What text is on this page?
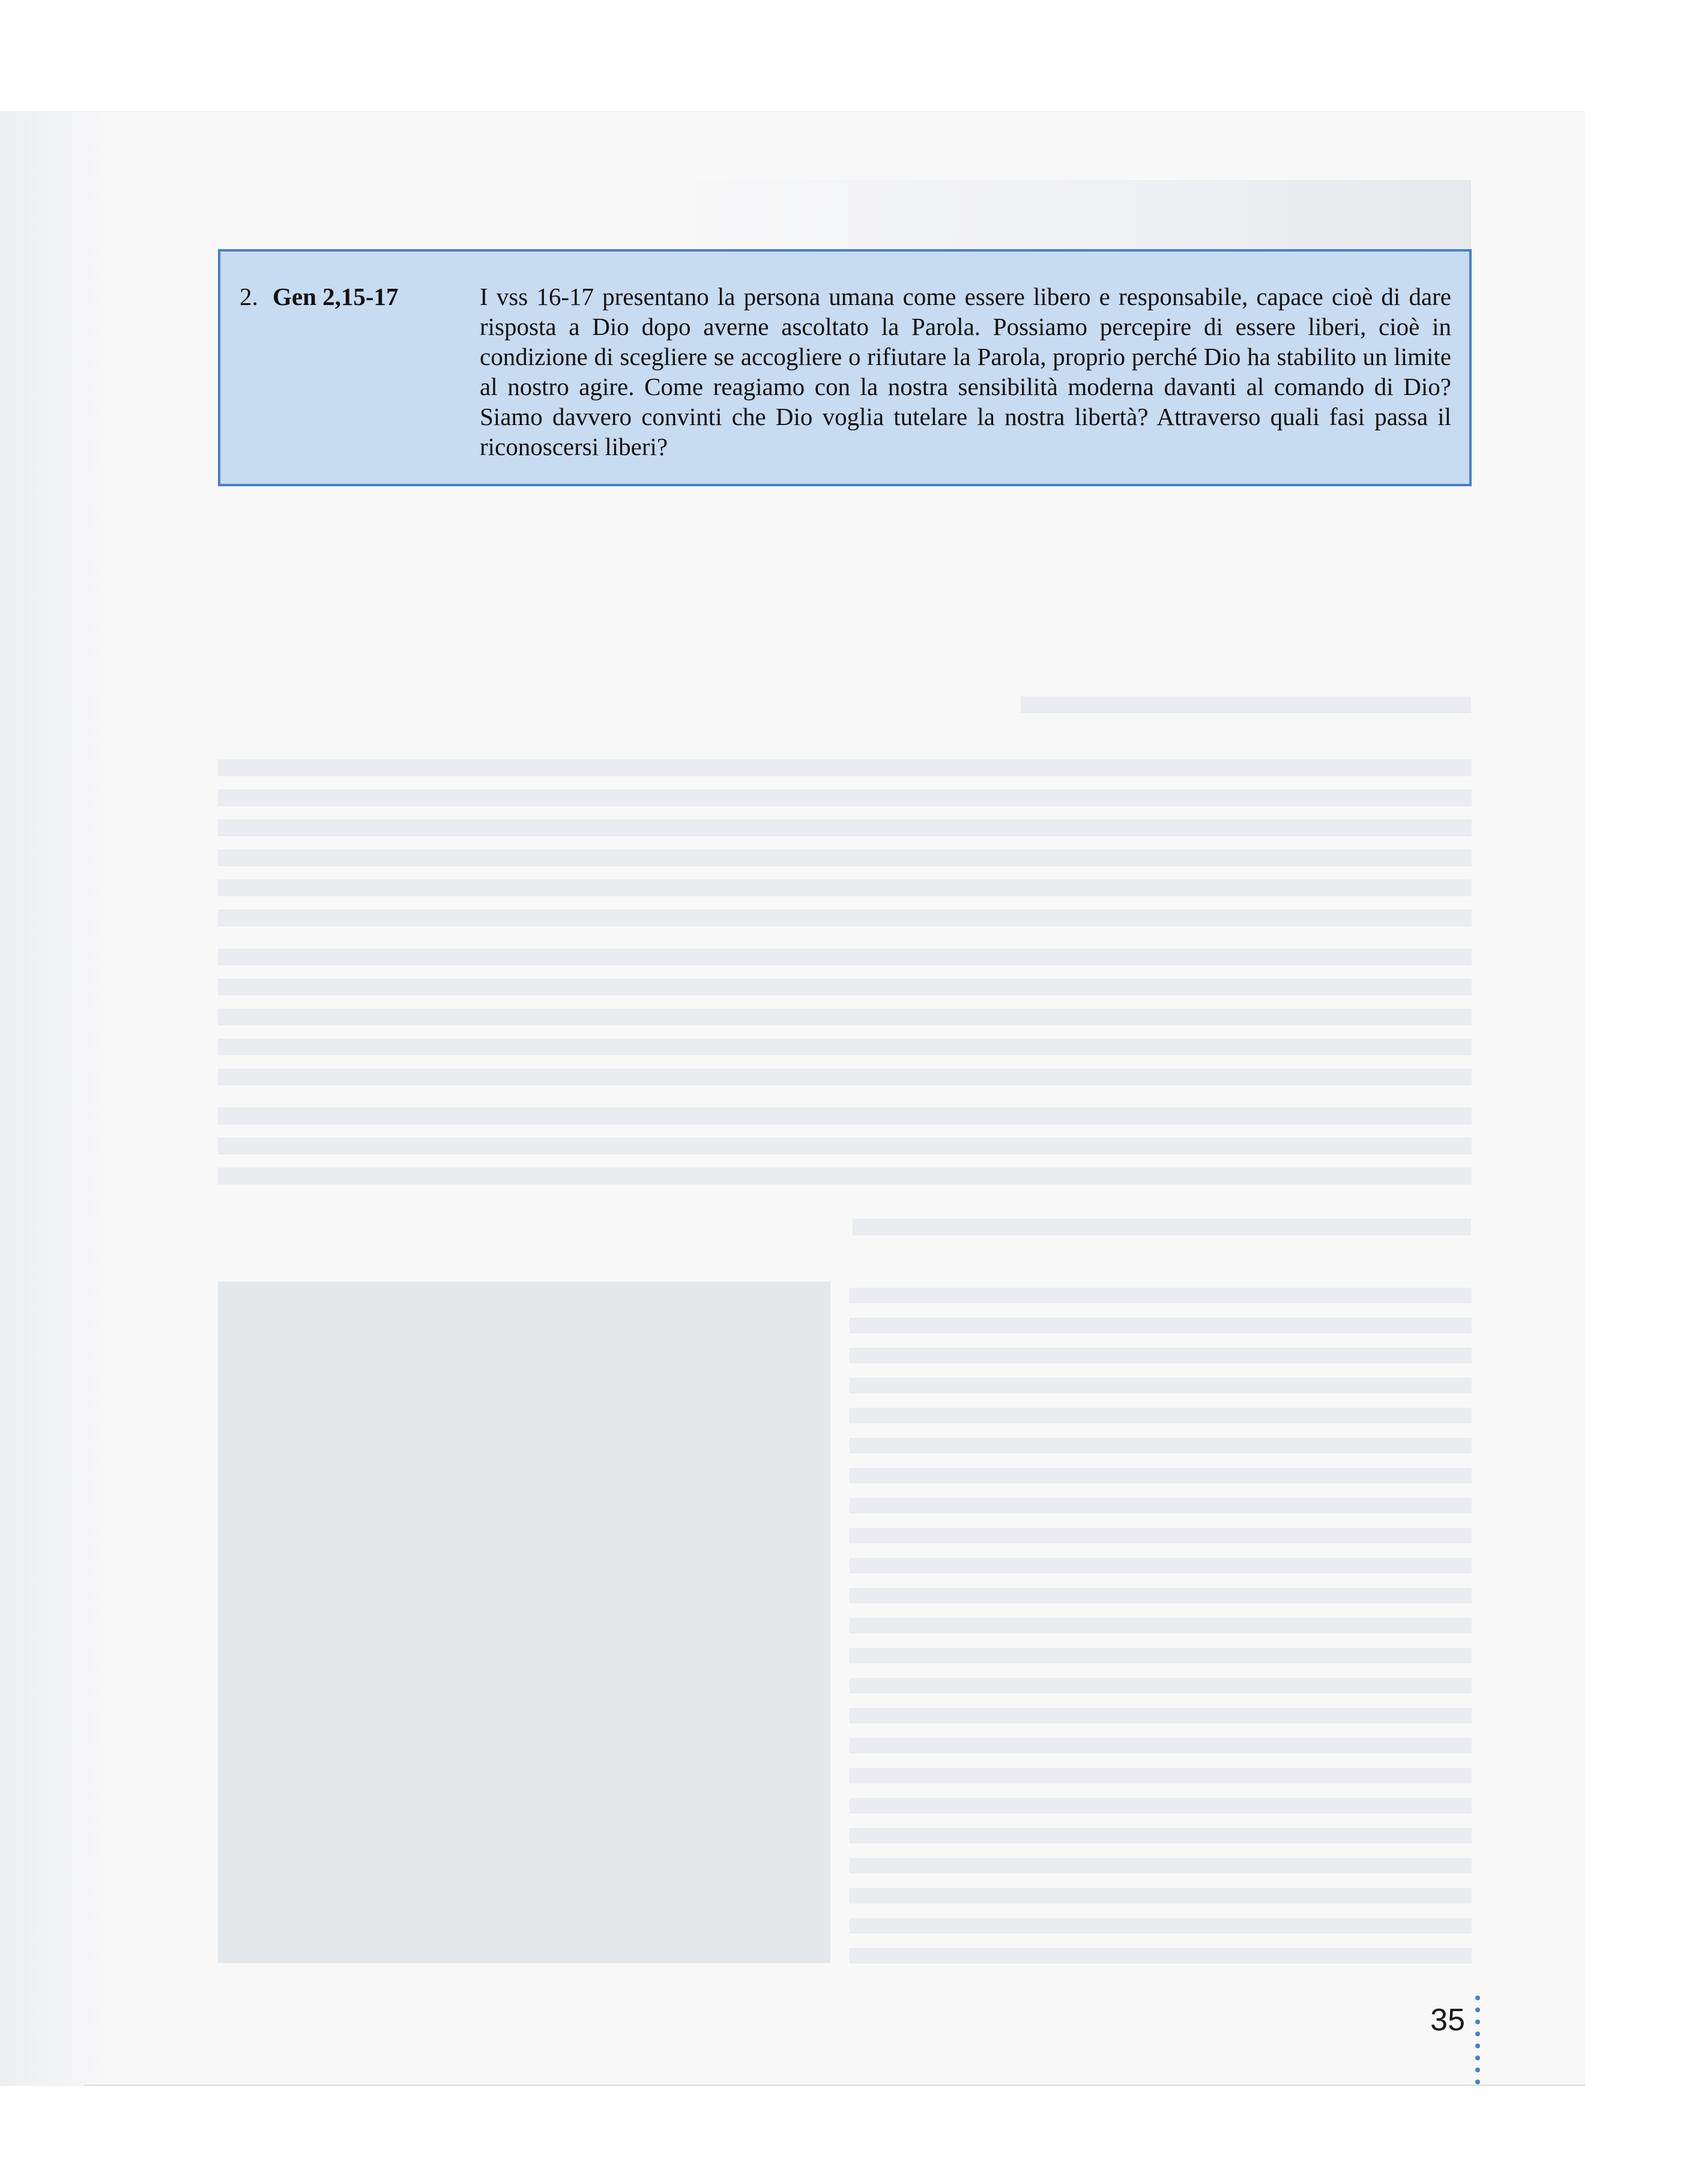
2. Gen 2,15-17	I vss 16-17 presentano la persona umana come essere libero e responsabile, capace cioè di dare risposta a Dio dopo averne ascoltato la Parola. Possiamo percepire di essere liberi, cioè in condizione di scegliere se accogliere o rifiutare la Parola, proprio perché Dio ha stabilito un limite al nostro agire. Come reagiamo con la nostra sensibilità moderna davanti al comando di Dio? Siamo davvero convinti che Dio voglia tutelare la nostra libertà? Attraverso quali fasi passa il riconoscersi liberi?
35
